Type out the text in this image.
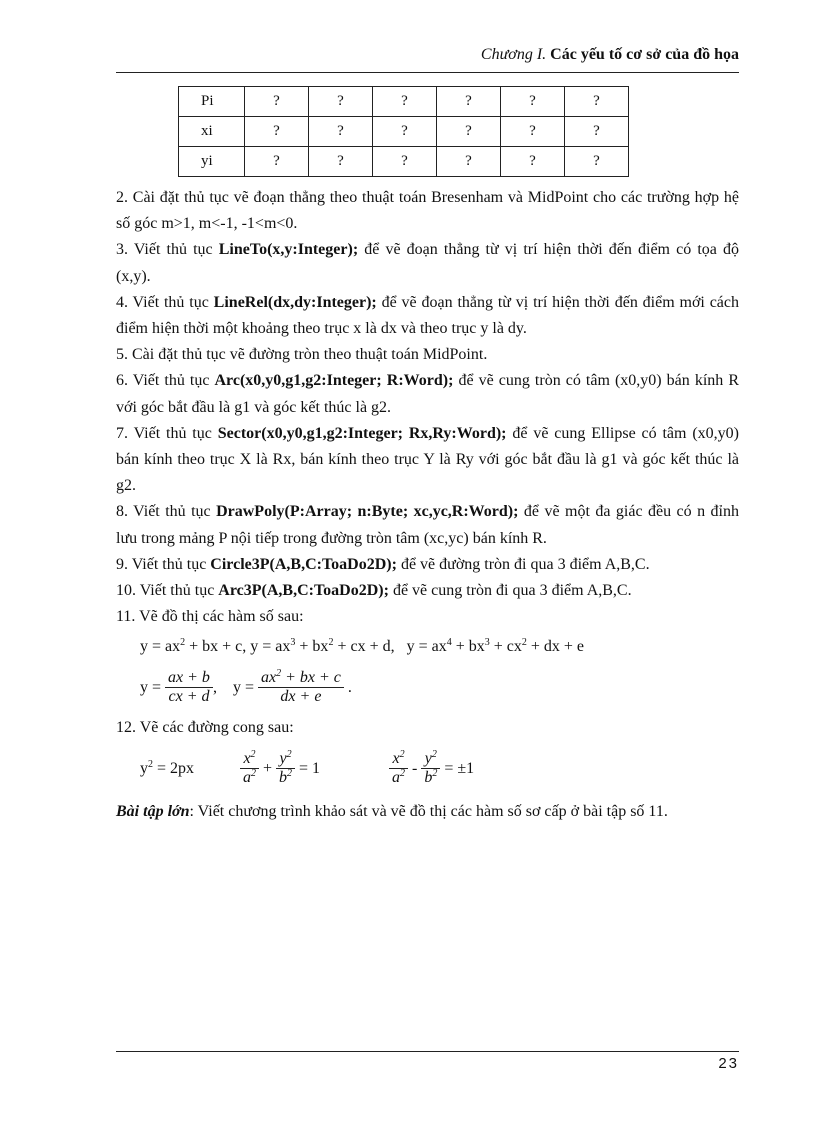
Chương I. Các yếu tố cơ sở của đồ họa
Pi	?	?	?	?	?	?
xi	?	?	?	?	?	?
yi	?	?	?	?	?	?

2. Cài đặt thủ tục vẽ đoạn thẳng theo thuật toán Bresenham và MidPoint cho các trường hợp hệ số góc m>1, m<-1, -1<m<0.

3. Viết thủ tục LineTo(x,y:Integer); để vẽ đoạn thẳng từ vị trí hiện thời đến điểm có tọa độ (x,y).

4. Viết thủ tục LineRel(dx,dy:Integer); để vẽ đoạn thẳng từ vị trí hiện thời đến điểm mới cách điểm hiện thời một khoảng theo trục x là dx và theo trục y là dy.

5. Cài đặt thủ tục vẽ đường tròn theo thuật toán MidPoint.

6. Viết thủ tục Arc(x0,y0,g1,g2:Integer; R:Word); để vẽ cung tròn có tâm (x0,y0) bán kính R với góc bắt đầu là g1 và góc kết thúc là g2.

7. Viết thủ tục Sector(x0,y0,g1,g2:Integer; Rx,Ry:Word); để vẽ cung Ellipse có tâm (x0,y0) bán kính theo trục X là Rx, bán kính theo trục Y là Ry với góc bắt đầu là g1 và góc kết thúc là g2.

8. Viết thủ tục DrawPoly(P:Array; n:Byte; xc,yc,R:Word); để vẽ một đa giác đều có n đỉnh lưu trong mảng P nội tiếp trong đường tròn tâm (xc,yc) bán kính R.

9. Viết thủ tục Circle3P(A,B,C:ToaDo2D); để vẽ đường tròn đi qua 3 điểm A,B,C.

10. Viết thủ tục Arc3P(A,B,C:ToaDo2D); để vẽ cung tròn đi qua 3 điểm A,B,C.

11. Vẽ đồ thị các hàm số sau:

$y = ax^2$ + bx + c, $y = ax^3 + bx^2$ + cx + d,   $y = ax^4 + bx^3 + cx^2$ + dx + e

$y = \frac{ax + b}{cx + d}$ ,    $y = \frac{ax^2 + bx + c}{dx + e}$ .

12. Vẽ các đường cong sau:

$y^2 = 2px$	$\frac{x^2}{a^2} + \frac{y^2}{b^2} = 1$	$\frac{x^2}{a^2} - \frac{y^2}{b^2} = \pm 1$

Bài tập lớn: Viết chương trình khảo sát và vẽ đồ thị các hàm số sơ cấp ở bài tập số 11.

23
